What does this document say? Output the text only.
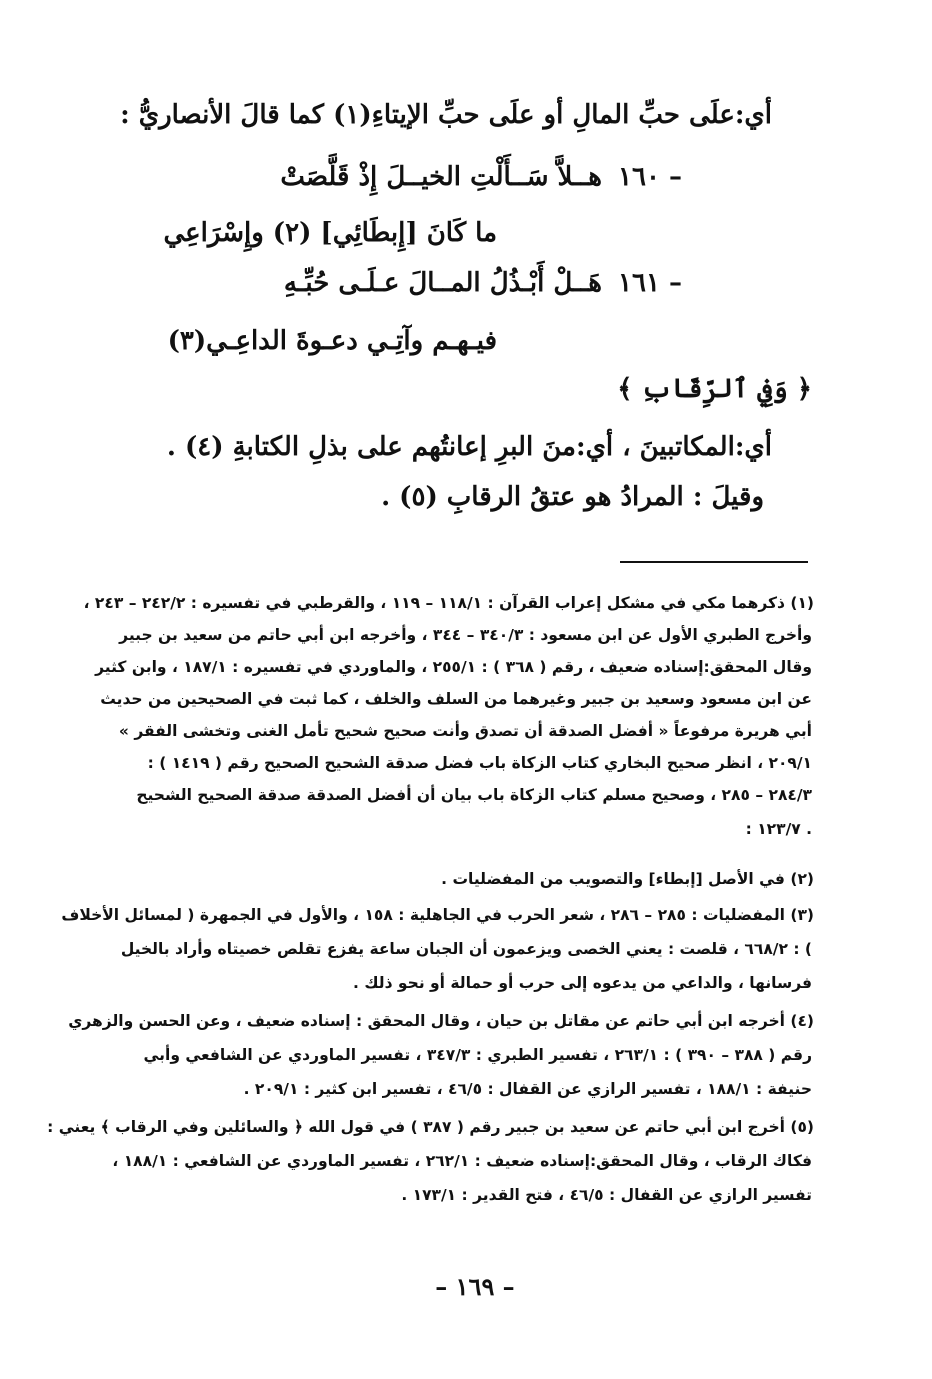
أي:علَى حبِّ المالِ أو علَى حبِّ الإيتاءِ(١) كما قالَ الأنصاريُّ :
١٦٠ –
هــلاَّ سَــأَلْتِ الخيــلَ إِذْ قَلَّصَتْ
ما كَانَ [إِبطَائِي] (٢) وإِسْرَاعِي
١٦١ –
هَــلْ أَبْـذُلُ المــالَ عـلَـى حُبِّـهِ
فيـهـم وآتِـي دعـوةَ الداعِـي(٣)
﴿ وَفِي ٱلرِّقَابِ ﴾
أي:المكاتبينَ ، أي:منَ البرِ إعانتُهم على بذلِ الكتابةِ (٤) .
وقيلَ : المرادُ هو عتقُ الرقابِ (٥) .
(١) ذكرهما مكي في مشكل إعراب القرآن : ١١٨/١ – ١١٩ ، والقرطبي في تفسيره : ٢٤٢/٢ – ٢٤٣ ،
وأخرج الطبري الأول عن ابن مسعود : ٣٤٠/٣ – ٣٤٤ ، وأخرجه ابن أبي حاتم من سعيد بن جبير
وقال المحقق:إسناده ضعيف ، رقم ( ٣٦٨ ) : ٢٥٥/١ ، والماوردي في تفسيره : ١٨٧/١ ، وابن كثير
عن ابن مسعود وسعيد بن جبير وغيرهما من السلف والخلف ، كما ثبت في الصحيحين من حديث
أبي هريرة مرفوعاً « أفضل الصدقة أن تصدق وأنت صحيح شحيح تأمل الغنى وتخشى الفقر »
٢٠٩/١ ، انظر صحيح البخاري كتاب الزكاة باب فضل صدقة الشحيح الصحيح رقم ( ١٤١٩ ) :
٢٨٤/٣ – ٢٨٥ ، وصحيح مسلم كتاب الزكاة باب بيان أن أفضل الصدقة صدقة الصحيح الشحيح
: ١٢٣/٧ .
(٢) في الأصل [إبطاء] والتصويب من المفضليات .
(٣) المفضليات : ٢٨٥ – ٢٨٦ ، شعر الحرب في الجاهلية : ١٥٨ ، والأول في الجمهرة ( لمسائل الأخلاف
) : ٦٦٨/٢ ، قلصت : يعني الخصى ويزعمون أن الجبان ساعة يفزع تقلص خصيتاه وأراد بالخيل
فرسانها ، والداعي من يدعوه إلى حرب أو حمالة أو نحو ذلك .
(٤) أخرجه ابن أبي حاتم عن مقاتل بن حيان ، وقال المحقق : إسناده ضعيف ، وعن الحسن والزهري
رقم ( ٣٨٨ – ٣٩٠ ) : ٢٦٣/١ ، تفسير الطبري : ٣٤٧/٣ ، تفسير الماوردي عن الشافعي وأبي
حنيفة : ١٨٨/١ ، تفسير الرازي عن القفال : ٤٦/٥ ، تفسير ابن كثير : ٢٠٩/١ .
(٥) أخرج ابن أبي حاتم عن سعيد بن جبير رقم ( ٣٨٧ ) في قول الله ﴿ والسائلين وفي الرقاب ﴾ يعني :
فكاك الرقاب ، وقال المحقق:إسناده ضعيف : ٢٦٢/١ ، تفسير الماوردي عن الشافعي : ١٨٨/١ ،
تفسير الرازي عن القفال : ٤٦/٥ ، فتح القدير : ١٧٣/١ .
– ١٦٩ –
